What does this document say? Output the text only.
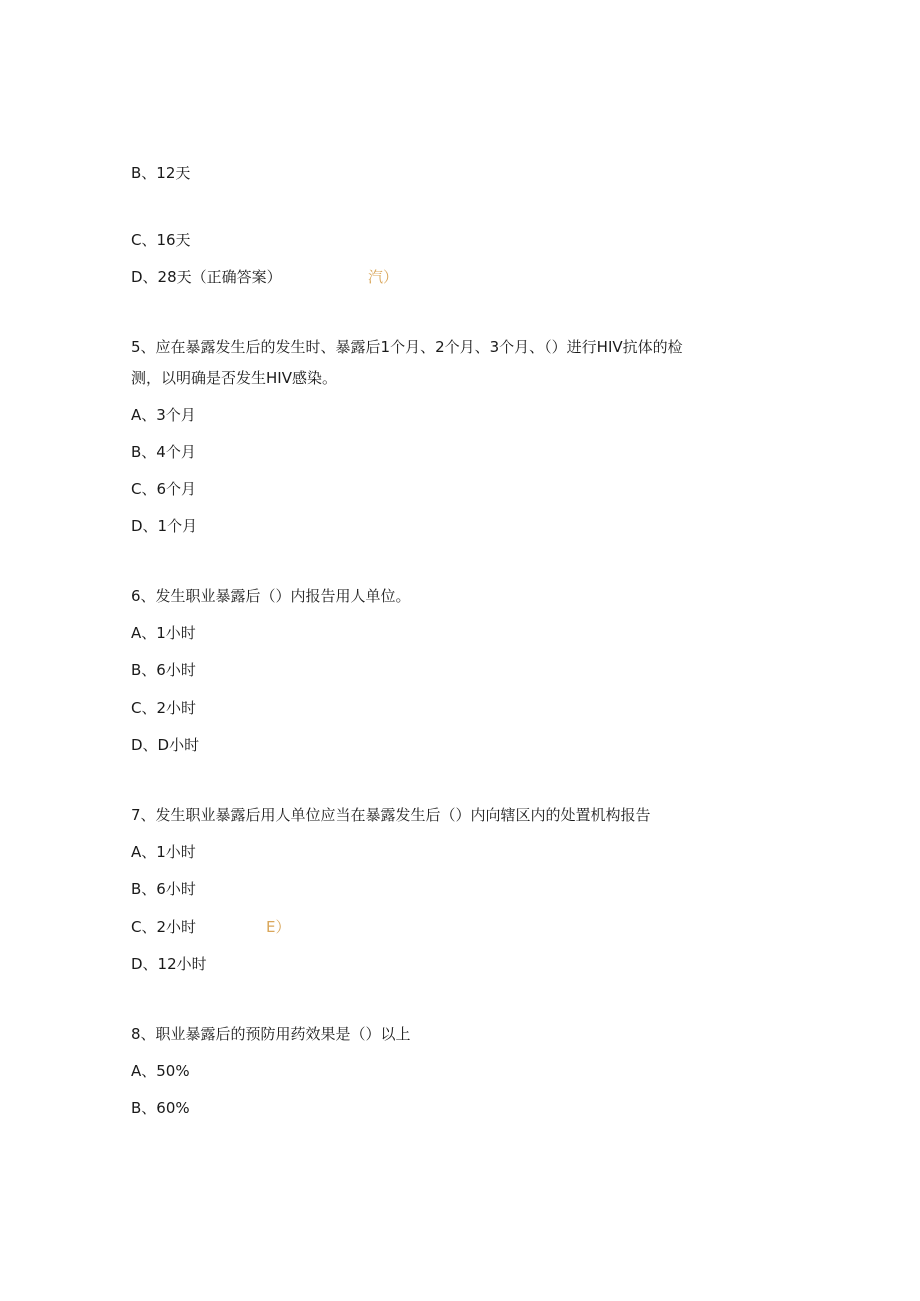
B、12天
C、16天
D、28天（正确答案）	汽）
5、应在暴露发生后的发生时、暴露后1个月、2个月、3个月、（）进行HIV抗体的检
测，以明确是否发生HIV感染。
A、3个月
B、4个月
C、6个月
D、1个月
6、发生职业暴露后（）内报告用人单位。
A、1小时
B、6小时
C、2小时
D、D小时
7、发生职业暴露后用人单位应当在暴露发生后（）内向辖区内的处置机构报告
A、1小时
B、6小时
C、2小时	E）
D、12小时
8、职业暴露后的预防用药效果是（）以上
A、50%
B、60%
